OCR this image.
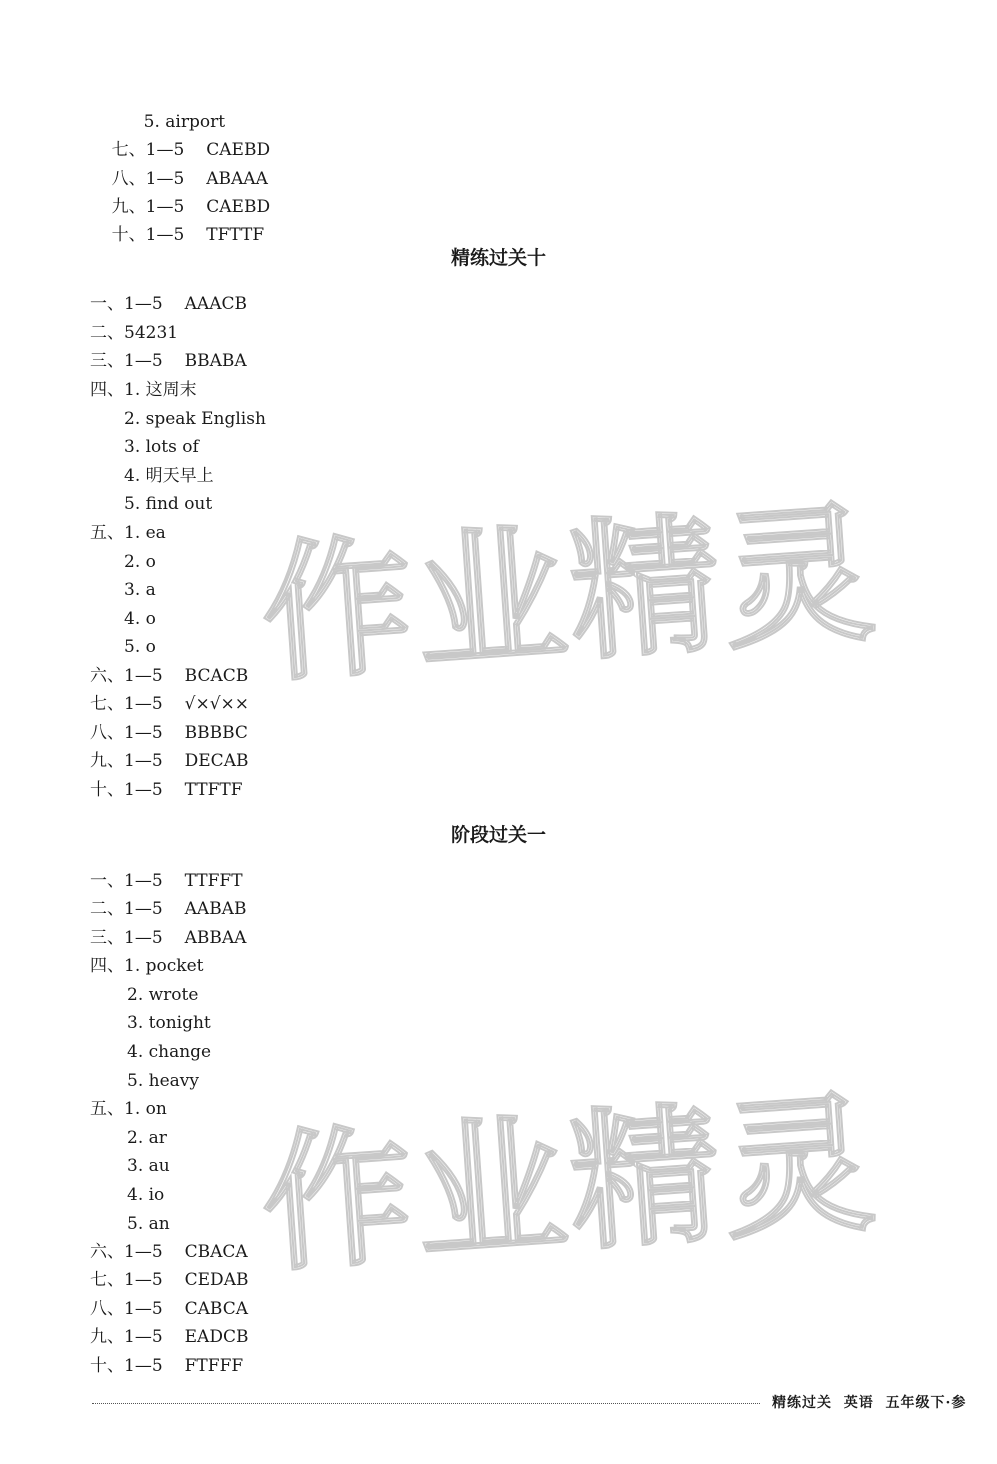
5. airport

七、1—5 CAEBD

八、1—5 ABAAA

九、1—5 CAEBD

十、1—5 TFTTF

精练过关十
一、1—5 AAACB
二、54231
三、1—5 BBABA
四、1. 这周末
2. speak English
3. lots of
4. 明天早上
5. find out
五、1. ea
2. o
3. a
4. o
5. o
六、1—5 BCACB
七、1—5 √×√××
八、1—5 BBBBC
九、1—5 DECAB
十、1—5 TTFTF
阶段过关一
一、1—5 TTFFT
二、1—5 AABAB
三、1—5 ABBAA
四、1. pocket
2. wrote
3. tonight
4. change
5. heavy
五、1. on
2. ar
3. au
4. io
5. an
六、1—5 CBACA
七、1—5 CEDAB
八、1—5 CABCA
九、1—5 EADCB
十、1—5 FTFFF
作业精灵
作业精灵
精练过关  英语  五年级下·参
